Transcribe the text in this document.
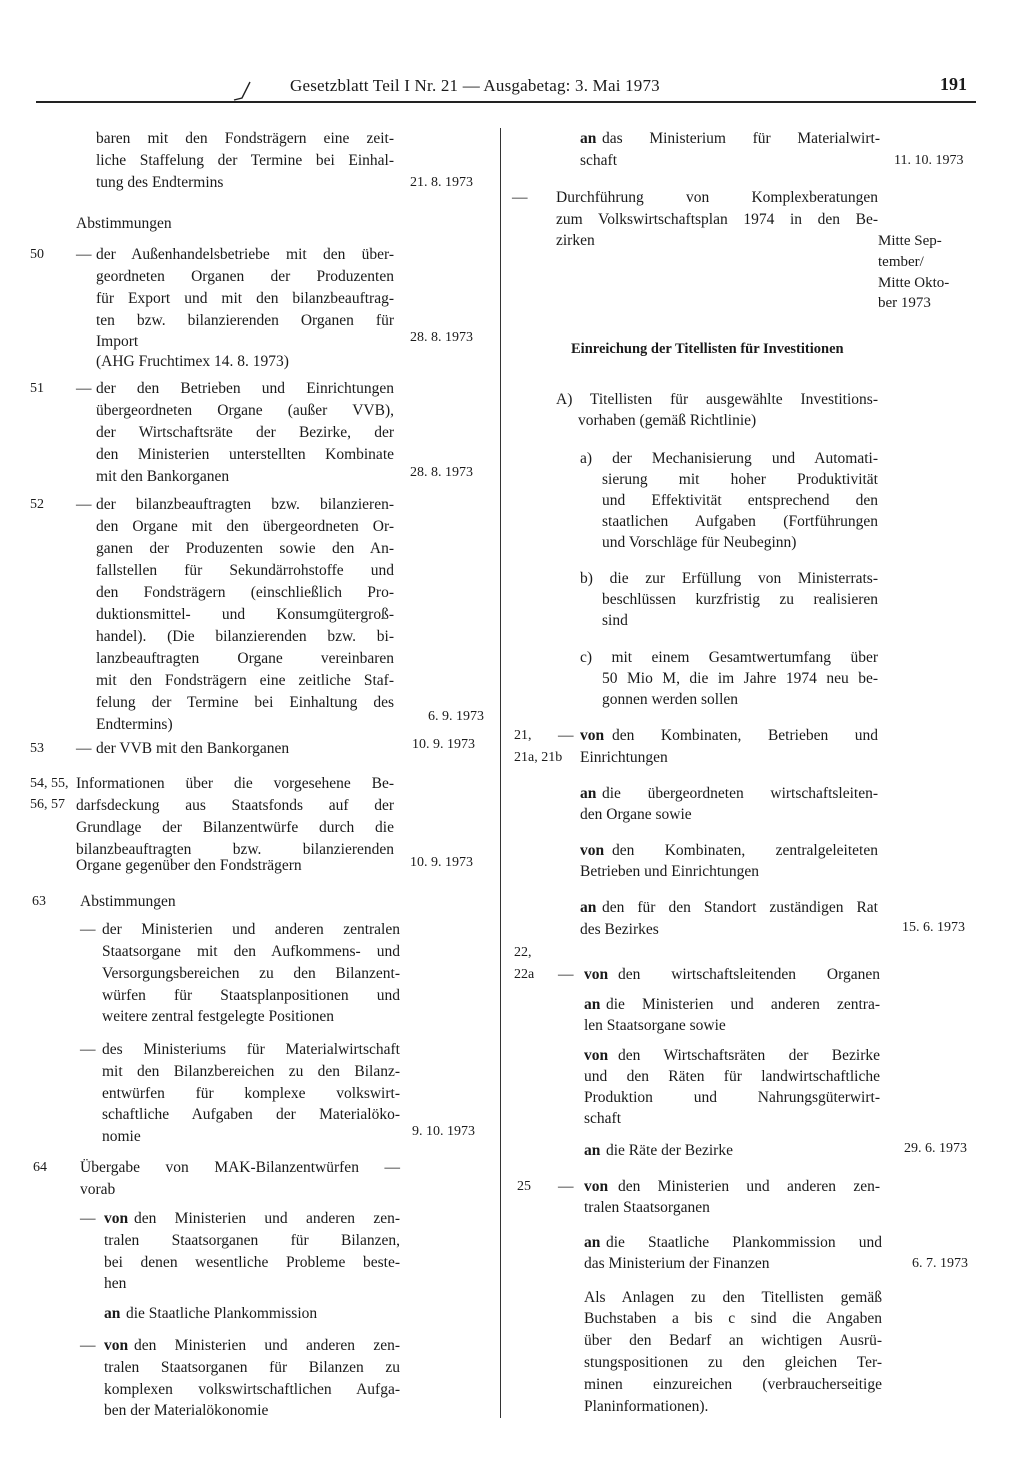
Gesetzblatt Teil I Nr. 21 — Ausgabetag: 3. Mai 1973	191
baren mit den Fondsträgern eine zeit-
liche Staffelung der Termine bei Einhal-
tung des Endtermins	21. 8. 1973
Abstimmungen
50 — der Außenhandelsbetriebe mit den über-
geordneten Organen der Produzenten
für Export und mit den bilanzbeauftrag-
ten bzw. bilanzierenden Organen für
Import
(AHG Fruchtimex 14. 8. 1973)
28. 8. 1973
51 — der den Betrieben und Einrichtungen
übergeordneten Organe (außer VVB),
der Wirtschaftsräte der Bezirke, der
den Ministerien unterstellten Kombinate
mit den Bankorganen	28. 8. 1973
52 — der bilanzbeauftragten bzw. bilanzieren-
den Organe mit den übergeordneten Or-
ganen der Produzenten sowie den An-
fallstellen für Sekundärrohstoffe und
den Fondsträgern (einschließlich Pro-
duktionsmittel- und Konsumgütergroß-
handel). (Die bilanzierenden bzw. bi-
lanzbeauftragten Organe vereinbaren
mit den Fondsträgern eine zeitliche Staf-
felung der Termine bei Einhaltung des
Endtermins)	6. 9. 1973
53 — der VVB mit den Bankorganen	10. 9. 1973
54, 55,
56, 57
Informationen über die vorgesehene Be-
darfsdeckung aus Staatsfonds auf der
Grundlage der Bilanzentwürfe durch die
bilanzbeauftragten bzw. bilanzierenden
Organe gegenüber den Fondsträgern	10. 9. 1973
63 Abstimmungen
— der Ministerien und anderen zentralen
Staatsorgane mit den Aufkommens- und
Versorgungsbereichen zu den Bilanzent-
würfen für Staatsplanpositionen und
weitere zentral festgelegte Positionen
— des Ministeriums für Materialwirtschaft
mit den Bilanzbereichen zu den Bilanz-
entwürfen für komplexe volkswirt-
schaftliche Aufgaben der Materialöko-
nomie	9. 10. 1973
64 Übergabe von MAK-Bilanzentwürfen —
vorab
— von den Ministerien und anderen zen-
tralen Staatsorganen für Bilanzen,
bei denen wesentliche Probleme beste-
hen
an die Staatliche Plankommission
— von den Ministerien und anderen zen-
tralen Staatsorganen für Bilanzen zu
komplexen volkswirtschaftlichen Aufga-
ben der Materialökonomie
an das Ministerium für Materialwirt-
schaft	11. 10. 1973
— Durchführung von Komplexberatungen
zum Volkswirtschaftsplan 1974 in den Be-
zirken	Mitte Sep-
tember/
Mitte Okto-
ber 1973
Einreichung der Titellisten für Investitionen
A) Titellisten für ausgewählte Investitions-
vorhaben (gemäß Richtlinie)
a) der Mechanisierung und Automati-
sierung mit hoher Produktivität
und Effektivität entsprechend den
staatlichen Aufgaben (Fortführungen
und Vorschläge für Neubeginn)
b) die zur Erfüllung von Ministerrats-
beschlüssen kurzfristig zu realisieren
sind
c) mit einem Gesamtwertumfang über
50 Mio M, die im Jahre 1974 neu be-
gonnen werden sollen
21,
21a, 21b
— von den Kombinaten, Betrieben und
Einrichtungen
an die übergeordneten wirtschaftsleiten-
den Organe sowie
von den Kombinaten, zentralgeleiteten
Betrieben und Einrichtungen
an den für den Standort zuständigen Rat
des Bezirkes	15. 6. 1973
22,
22a — von den wirtschaftsleitenden Organen
an die Ministerien und anderen zentra-
len Staatsorgane sowie
von den Wirtschaftsräten der Bezirke
und den Räten für landwirtschaftliche
Produktion und Nahrungsgüterwirt-
schaft
an die Räte der Bezirke	29. 6. 1973
25 — von den Ministerien und anderen zen-
tralen Staatsorganen
an die Staatliche Plankommission und
das Ministerium der Finanzen	6. 7. 1973
Als Anlagen zu den Titellisten gemäß
Buchstaben a bis c sind die Angaben
über den Bedarf an wichtigen Ausrü-
stungspositionen zu den gleichen Ter-
minen einzureichen (verbraucherseitige
Planinformationen).
